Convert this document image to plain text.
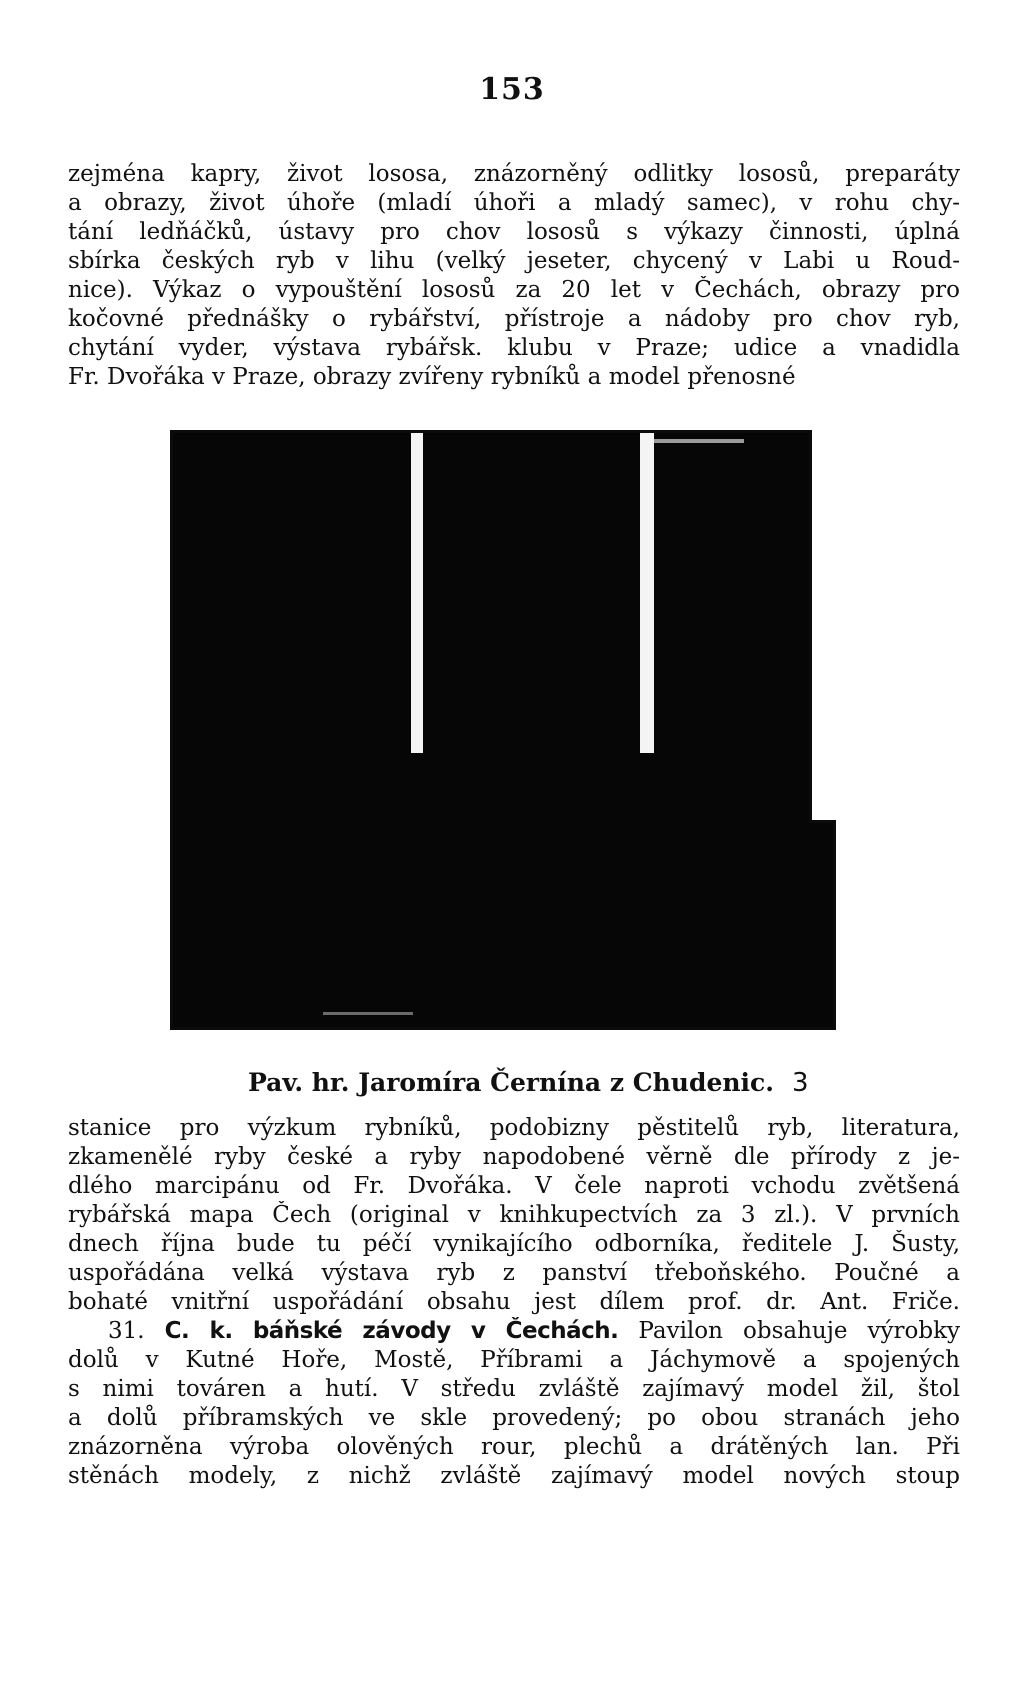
153
zejména kapry, život lososa, znázorněný odlitky lososů, preparáty
a obrazy, život úhoře (mladí úhoři a mladý samec), v rohu chy-
tání ledňáčků, ústavy pro chov lososů s výkazy činnosti, úplná
sbírka českých ryb v lihu (velký jeseter, chycený v Labi u Roud-
nice). Výkaz o vypouštění lososů za 20 let v Čechách, obrazy pro
kočovné přednášky o rybářství, přístroje a nádoby pro chov ryb,
chytání vyder, výstava rybářsk. klubu v Praze; udice a vnadidla
Fr. Dvořáka v Praze, obrazy zvířeny rybníků a model přenosné
Pav. hr. Jaromíra Černína z Chudenic. 3
stanice pro výzkum rybníků, podobizny pěstitelů ryb, literatura,
zkamenělé ryby české a ryby napodobené věrně dle přírody z je-
dlého marcipánu od Fr. Dvořáka. V čele naproti vchodu zvětšená
rybářská mapa Čech (original v knihkupectvích za 3 zl.). V prvních
dnech října bude tu péčí vynikajícího odborníka, ředitele J. Šusty,
uspořádána velká výstava ryb z panství třeboňského. Poučné a
bohaté vnitřní uspořádání obsahu jest dílem prof. dr. Ant. Friče.
31. C. k. báňské závody v Čechách. Pavilon obsahuje výrobky
dolů v Kutné Hoře, Mostě, Příbrami a Jáchymově a spojených
s nimi továren a hutí. V středu zvláště zajímavý model žil, štol
a dolů příbramských ve skle provedený; po obou stranách jeho
znázorněna výroba olověných rour, plechů a drátěných lan. Při
stěnách modely, z nichž zvláště zajímavý model nových stoup
